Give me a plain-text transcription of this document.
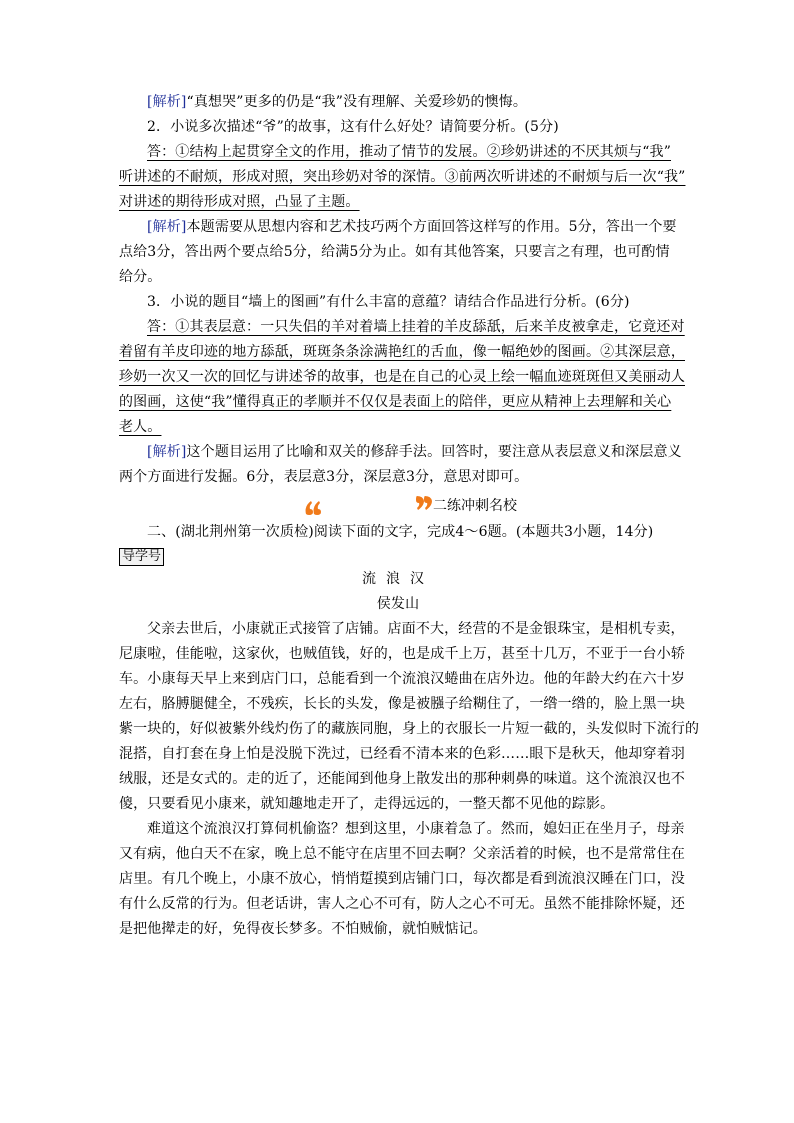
[解析]“真想哭”更多的仍是“我”没有理解、关爱珍奶的懊悔。
2．小说多次描述“爷”的故事，这有什么好处？请简要分析。(5分)
答：①结构上起贯穿全文的作用，推动了情节的发展。②珍奶讲述的不厌其烦与“我”
听讲述的不耐烦，形成对照，突出珍奶对爷的深情。③前两次听讲述的不耐烦与后一次“我”
对讲述的期待形成对照，凸显了主题。
[解析]本题需要从思想内容和艺术技巧两个方面回答这样写的作用。5分，答出一个要
点给3分，答出两个要点给5分，给满5分为止。如有其他答案，只要言之有理，也可酌情
给分。
3．小说的题目“墙上的图画”有什么丰富的意蕴？请结合作品进行分析。(6分)
答：①其表层意：一只失侣的羊对着墙上挂着的羊皮舔舐，后来羊皮被拿走，它竟还对
着留有羊皮印迹的地方舔舐，斑斑条条涂满艳红的舌血，像一幅绝妙的图画。②其深层意，
珍奶一次又一次的回忆与讲述爷的故事，也是在自己的心灵上绘一幅血迹斑斑但又美丽动人
的图画，这使“我”懂得真正的孝顺并不仅仅是表面上的陪伴，更应从精神上去理解和关心
老人。
[解析]这个题目运用了比喻和双关的修辞手法。回答时，要注意从表层意义和深层意义
两个方面进行发掘。6分，表层意3分，深层意3分，意思对即可。
二练冲刺名校
二、(湖北荆州第一次质检)阅读下面的文字，完成4～6题。(本题共3小题，14分)
导学号
流浪汉
侯发山
父亲去世后，小康就正式接管了店铺。店面不大，经营的不是金银珠宝，是相机专卖，
尼康啦，佳能啦，这家伙，也贼值钱，好的，也是成千上万，甚至十几万，不亚于一台小轿
车。小康每天早上来到店门口，总能看到一个流浪汉蜷曲在店外边。他的年龄大约在六十岁
左右，胳膊腿健全，不残疾，长长的头发，像是被膙子给糊住了，一绺一绺的，脸上黑一块
紫一块的，好似被紫外线灼伤了的藏族同胞，身上的衣服长一片短一截的，头发似时下流行的
混搭，自打套在身上怕是没脱下洗过，已经看不清本来的色彩……眼下是秋天，他却穿着羽
绒服，还是女式的。走的近了，还能闻到他身上散发出的那种刺鼻的味道。这个流浪汉也不
傻，只要看见小康来，就知趣地走开了，走得远远的，一整天都不见他的踪影。
难道这个流浪汉打算伺机偷盗？想到这里，小康着急了。然而，媳妇正在坐月子，母亲
又有病，他白天不在家，晚上总不能守在店里不回去啊？父亲活着的时候，也不是常常住在
店里。有几个晚上，小康不放心，悄悄踅摸到店铺门口，每次都是看到流浪汉睡在门口，没
有什么反常的行为。但老话讲，害人之心不可有，防人之心不可无。虽然不能排除怀疑，还
是把他撵走的好，免得夜长梦多。不怕贼偷，就怕贼惦记。
